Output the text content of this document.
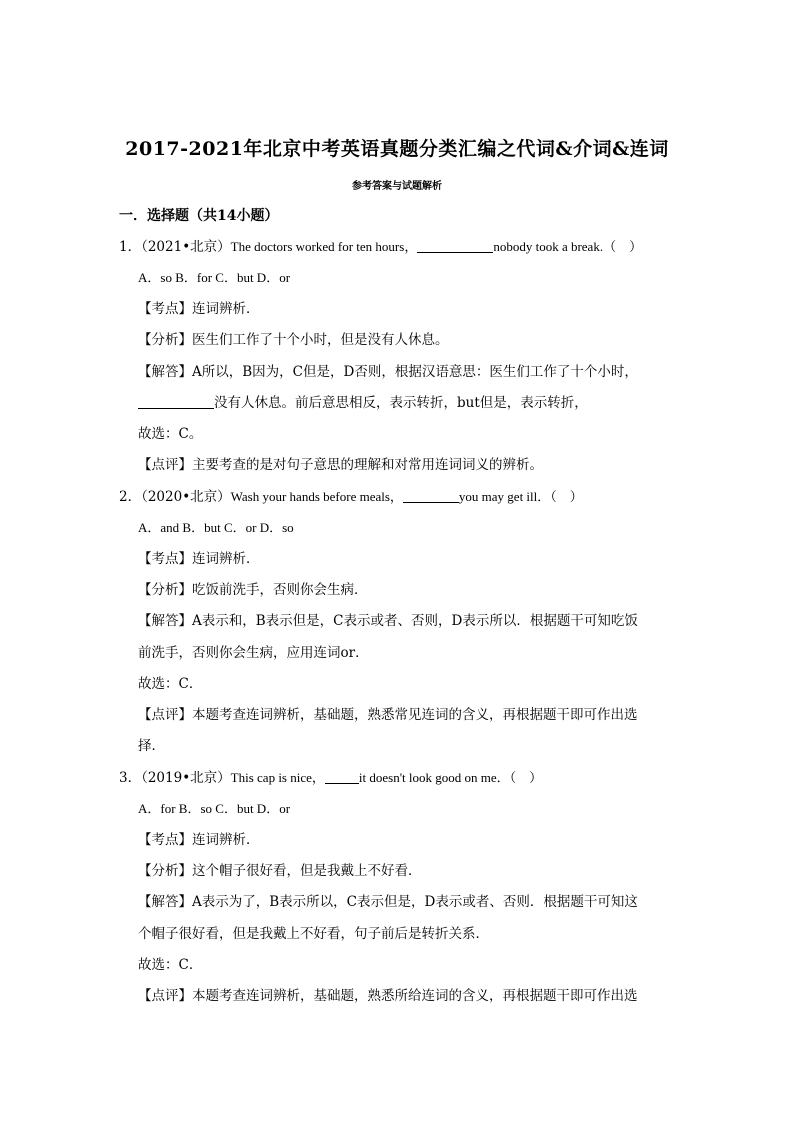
2017-2021年北京中考英语真题分类汇编之代词&介词&连词
参考答案与试题解析
一．选择题（共14小题）
1．（2021•北京）The doctors worked for ten hours，	nobody took a break.（　）
A．so B．for C．but D．or
【考点】连词辨析．
【分析】医生们工作了十个小时，但是没有人休息。
【解答】A所以，B因为，C但是，D否则，根据汉语意思：医生们工作了十个小时，
没有人休息。前后意思相反，表示转折，but但是，表示转折，
故选：C。
【点评】主要考查的是对句子意思的理解和对常用连词词义的辨析。
2．（2020•北京）Wash your hands before meals，	you may get ill．（　）
A．and B．but C．or D．so
【考点】连词辨析．
【分析】吃饭前洗手，否则你会生病．
【解答】A表示和，B表示但是，C表示或者、否则，D表示所以．根据题干可知吃饭
前洗手，否则你会生病，应用连词or．
故选：C．
【点评】本题考查连词辨析，基础题，熟悉常见连词的含义，再根据题干即可作出选
择．
3．（2019•北京）This cap is nice，	it doesn't look good on me．（　）
A．for B．so C．but D．or
【考点】连词辨析．
【分析】这个帽子很好看，但是我戴上不好看．
【解答】A表示为了，B表示所以，C表示但是，D表示或者、否则．根据题干可知这
个帽子很好看，但是我戴上不好看，句子前后是转折关系．
故选：C．
【点评】本题考查连词辨析，基础题，熟悉所给连词的含义，再根据题干即可作出选
